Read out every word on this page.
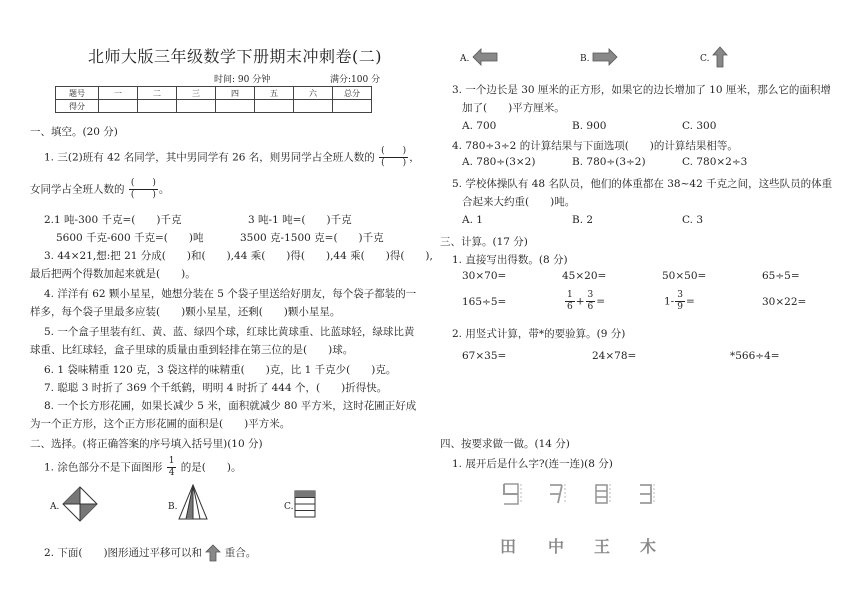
北师大版三年级数学下册期末冲刺卷(二)
时间: 90 分钟	满分:100 分
题号	一	二	三	四	五	六	总分
得分							
一、填空。(20 分)
1. 三(2)班有 42 名同学，其中男同学有 26 名，则男同学占全班人数的 $\frac{( )}{( )}$ ，
女同学占全班人数的 $\frac{( )}{( )}$ 。
2.1 吨-300 千克=(　　)千克	3 吨-1 吨=(　　)千克
5600 千克-600 千克=(　　)吨	3500 克-1500 克=(　　)千克
3. 44×21,想:把 21 分成(　　)和(　　),44 乘(　　)得(　　),44 乘(　　)得(　　),
最后把两个得数加起来就是(　　)。
4. 洋洋有 62 颗小星星，她想分装在 5 个袋子里送给好朋友，每个袋子都装的一
样多，每个袋子里最多应装(　　)颗小星星，还剩(　　)颗小星星。
5. 一个盒子里装有红、黄、蓝、绿四个球，红球比黄球重、比蓝球轻，绿球比黄
球重、比红球轻，盒子里球的质量由重到轻排在第三位的是(　　)球。
6. 1 袋味精重 120 克，3 袋这样的味精重(　　)克，比 1 千克少(　　)克。
7. 聪聪 3 时折了 369 个千纸鹤，明明 4 时折了 444 个，(　　)折得快。
8. 一个长方形花圃，如果长减少 5 米，面积就减少 80 平方米，这时花圃正好成
为一个正方形，这个正方形花圃的面积是(　　)平方米。
二、选择。(将正确答案的序号填入括号里)(10 分)
1. 涂色部分不是下面图形 $\frac{1}{4}$ 的是(　　)。
A.	B.	C.
2. 下面(　　)图形通过平移可以和 重合。
A.	B.	C.
3. 一个边长是 30 厘米的正方形，如果它的边长增加了 10 厘米，那么它的面积增
加了(　　)平方厘米。
A. 700	B. 900	C. 300
4. 780÷3÷2 的计算结果与下面选项(　　)的计算结果相等。
A. 780÷(3×2)	B. 780÷(3÷2)	C. 780×2÷3
5. 学校体操队有 48 名队员，他们的体重都在 38~42 千克之间，这些队员的体重
合起来大约重(　　)吨。
A. 1	B. 2	C. 3
三、计算。(17 分)
1. 直接写出得数。(8 分)
30×70=	45×20=	50×50=	65÷5=
165÷5=	$\frac{1}{6} + \frac{3}{6}$ =	$1- \frac{3}{9}$ =	30×22=
2. 用竖式计算，带*的要验算。(9 分)
67×35=	24×78=	*566÷4=
四、按要求做一做。(14 分)
1. 展开后是什么字?(连一连)(8 分)
田 中 王 木
